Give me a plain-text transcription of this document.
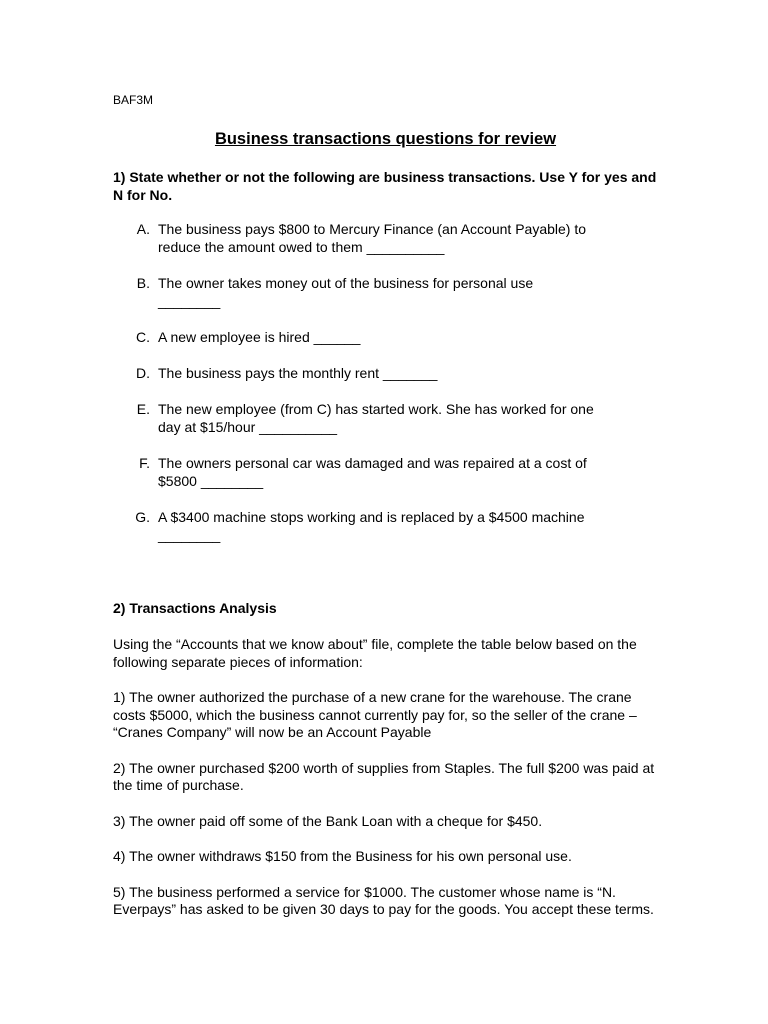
BAF3M

Business transactions questions for review

1) State whether or not the following are business transactions. Use Y for yes and N for No.

A. The business pays $800 to Mercury Finance (an Account Payable) to reduce the amount owed to them __________
B. The owner takes money out of the business for personal use ________
C. A new employee is hired ______
D. The business pays the monthly rent _______
E. The new employee (from C) has started work. She has worked for one day at $15/hour __________
F. The owners personal car was damaged and was repaired at a cost of $5800 ________
G. A $3400 machine stops working and is replaced by a $4500 machine ________

2) Transactions Analysis

Using the “Accounts that we know about” file, complete the table below based on the following separate pieces of information:

1) The owner authorized the purchase of a new crane for the warehouse. The crane costs $5000, which the business cannot currently pay for, so the seller of the crane – “Cranes Company” will now be an Account Payable

2) The owner purchased $200 worth of supplies from Staples. The full $200 was paid at the time of purchase.

3) The owner paid off some of the Bank Loan with a cheque for $450.

4) The owner withdraws $150 from the Business for his own personal use.

5) The business performed a service for $1000. The customer whose name is “N. Everpays” has asked to be given 30 days to pay for the goods. You accept these terms.
